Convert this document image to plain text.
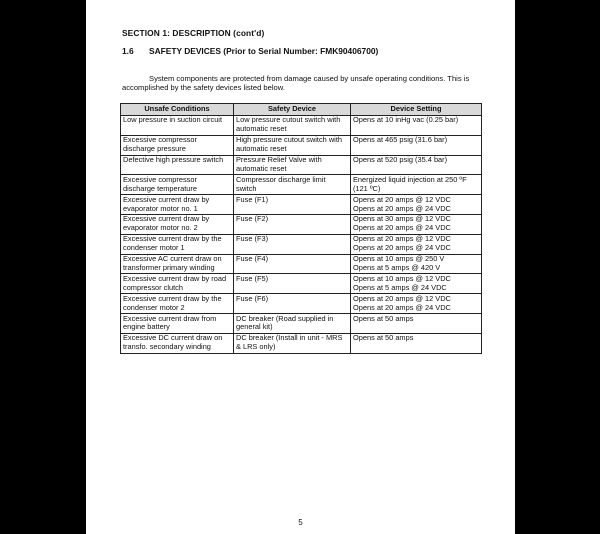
SECTION 1: DESCRIPTION (cont'd)
1.6 SAFETY DEVICES (Prior to Serial Number: FMK90406700)
System components are protected from damage caused by unsafe operating conditions. This is accomplished by the safety devices listed below.
Unsafe Conditions	Safety Device	Device Setting
Low pressure in suction circuit	Low pressure cutout switch with automatic reset	Opens at 10 inHg vac (0.25 bar)

Excessive compressor discharge pressure	High pressure cutout switch with automatic reset	Opens at 465 psig (31.6 bar)

Defective high pressure switch	Pressure Relief Valve with automatic reset	Opens at 520 psig (35.4 bar)

Excessive compressor discharge temperature	Compressor discharge limit switch	Energized liquid injection at 250 ºF (121 ºC)

Excessive current draw by evaporator motor no. 1	Fuse (F1)	Opens at 20 amps @ 12 VDC
Opens at 20 amps @ 24 VDC

Excessive current draw by evaporator motor no. 2	Fuse (F2)	Opens at 30 amps @ 12 VDC
Opens at 20 amps @ 24 VDC

Excessive current draw by the condenser motor 1	Fuse (F3)	Opens at 20 amps @ 12 VDC
Opens at 20 amps @ 24 VDC

Excessive AC current draw on transformer primary winding	Fuse (F4)	Opens at 10 amps @ 250 V
Opens at 5 amps @ 420 V

Excessive current draw by road compressor clutch	Fuse (F5)	Opens at 10 amps @ 12 VDC
Opens at 5 amps @ 24 VDC

Excessive current draw by the condenser motor 2	Fuse (F6)	Opens at 20 amps @ 12 VDC
Opens at 20 amps @ 24 VDC

Excessive current draw from engine battery	DC breaker (Road supplied in general kit)	Opens at 50 amps

Excessive DC current draw on transfo. secondary winding	DC breaker (Install in unit - MRS & LRS only)	Opens at 50 amps
5
